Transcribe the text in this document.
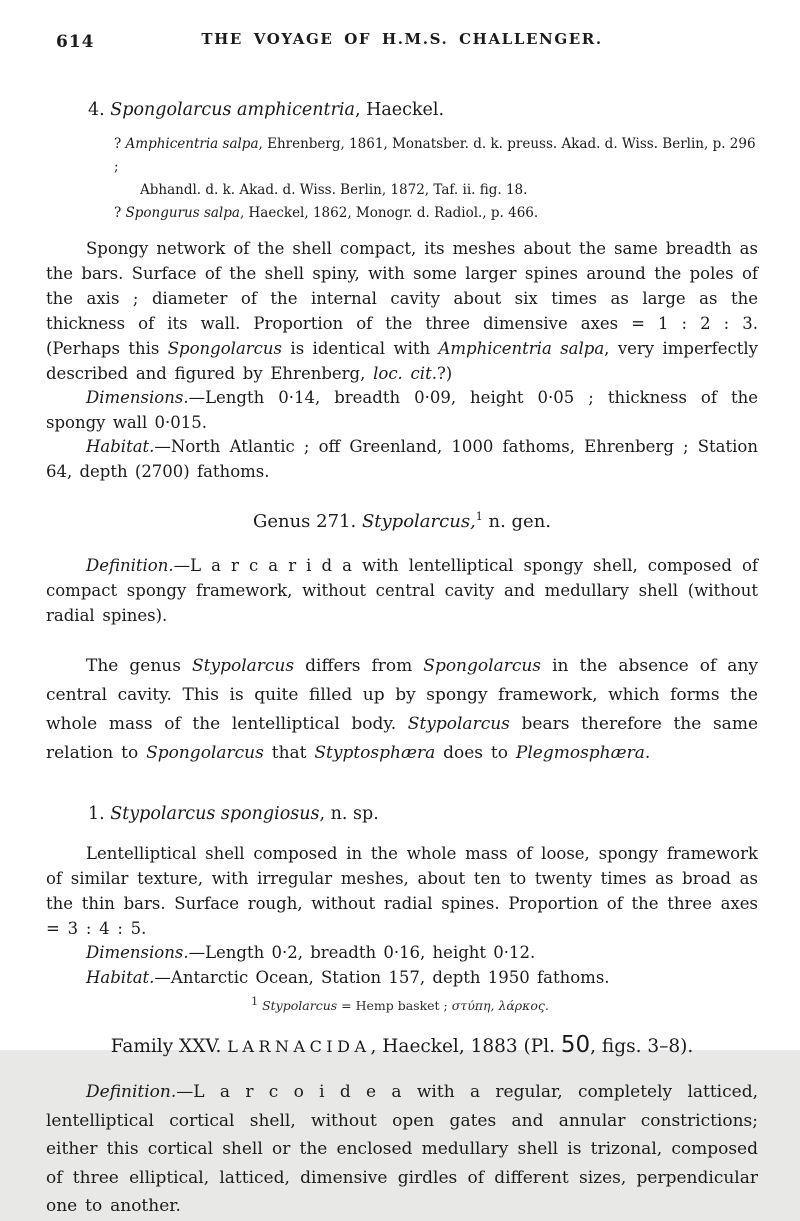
614	THE VOYAGE OF H.M.S. CHALLENGER.
4. Spongolarcus amphicentria, Haeckel.
? Amphicentria salpa, Ehrenberg, 1861, Monatsber. d. k. preuss. Akad. d. Wiss. Berlin, p. 296 ;
Abhandl. d. k. Akad. d. Wiss. Berlin, 1872, Taf. ii. fig. 18.
? Spongurus salpa, Haeckel, 1862, Monogr. d. Radiol., p. 466.
Spongy network of the shell compact, its meshes about the same breadth as the bars. Surface of the shell spiny, with some larger spines around the poles of the axis ; diameter of the internal cavity about six times as large as the thickness of its wall. Proportion of the three dimensive axes = 1 : 2 : 3. (Perhaps this Spongolarcus is identical with Amphicentria salpa, very imperfectly described and figured by Ehrenberg, loc. cit.?)
Dimensions.—Length 0·14, breadth 0·09, height 0·05 ; thickness of the spongy wall 0·015.
Habitat.—North Atlantic ; off Greenland, 1000 fathoms, Ehrenberg ; Station 64, depth (2700) fathoms.
Genus 271. Stypolarcus,$^1$ n. gen.
Definition.—L a r c a r i d a with lentelliptical spongy shell, composed of compact spongy framework, without central cavity and medullary shell (without radial spines).
The genus Stypolarcus differs from Spongolarcus in the absence of any central cavity. This is quite filled up by spongy framework, which forms the whole mass of the lentelliptical body. Stypolarcus bears therefore the same relation to Spongolarcus that Styptosphæra does to Plegmosphæra.
1. Stypolarcus spongiosus, n. sp.
Lentelliptical shell composed in the whole mass of loose, spongy framework of similar texture, with irregular meshes, about ten to twenty times as broad as the thin bars. Surface rough, without radial spines. Proportion of the three axes = 3 : 4 : 5.
Dimensions.—Length 0·2, breadth 0·16, height 0·12.
Habitat.—Antarctic Ocean, Station 157, depth 1950 fathoms.
Family XXV. LARNACIDA, Haeckel, 1883 (Pl. 50, figs. 3–8).
Definition.—L a r c o i d e a with a regular, completely latticed, lentelliptical cortical shell, without open gates and annular constrictions; either this cortical shell or the enclosed medullary shell is trizonal, composed of three elliptical, latticed, dimensive girdles of different sizes, perpendicular one to another.
$^1$ Stypolarcus = Hemp basket ; στύπη, λάρκος.
